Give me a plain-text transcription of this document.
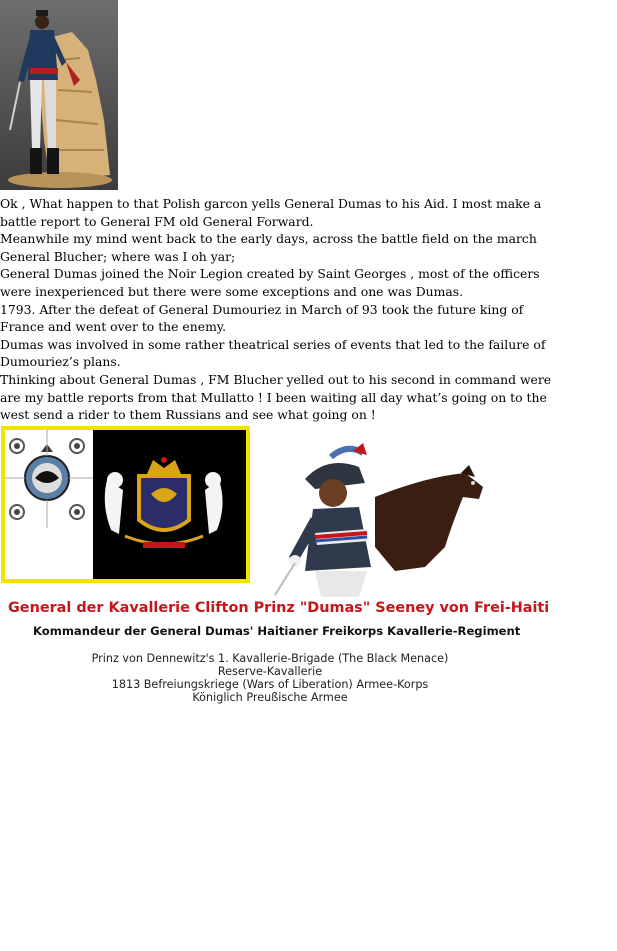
Ok , What happen to that Polish garcon yells General Dumas to his Aid. I most make a battle report to General FM old General Forward.

Meanwhile my mind went back to the early days, across the battle field on the march General Blucher; where was I oh yar;

General Dumas joined the Noir Legion created by Saint Georges , most of the officers were inexperienced but there were some exceptions and one was Dumas.

1793. After the defeat of General Dumouriez in March of 93 took the future king of France and went over to the enemy.

Dumas was involved in some rather theatrical series of events that led to the failure of Dumouriez’s plans.

Thinking about General Dumas , FM Blucher yelled out to his second in command were are my battle reports from that Mullatto ! I been waiting all day what’s going on to the west send a rider to them Russians and see what going on !

General der Kavallerie Clifton Prinz "Dumas" Seeney von Frei-Haiti
Kommandeur der General Dumas' Haitianer Freikorps Kavallerie-Regiment
Prinz von Dennewitz's 1. Kavallerie-Brigade (The Black Menace)
Reserve-Kavallerie
1813 Befreiungskriege (Wars of Liberation) Armee-Korps
Königlich Preußische Armee
